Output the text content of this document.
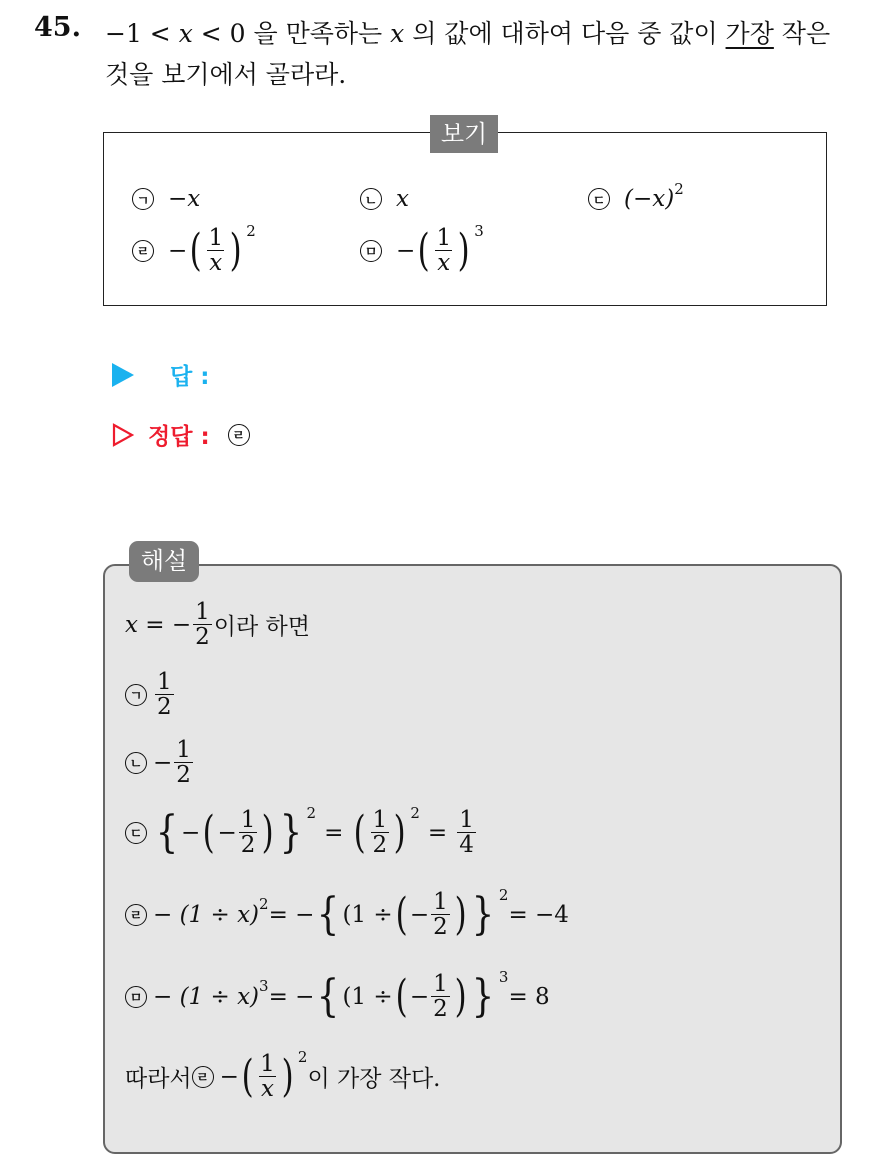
45. −1 < x < 0 을 만족하는 x 의 값에 대하여 다음 중 값이 가장 작은
것을 보기에서 골라라.
보기
ㄱ −x	ㄴ x	ㄷ (−x) 2
ㄹ − ( $\frac{1}{x}$ ) 2
ㅁ − ( $\frac{1}{x}$ ) 3
답 :
정답 :	ㄹ
해설
x = − $\frac{1}{2}$ 이라 하면
ㄱ $\frac{1}{2}$
ㄴ − $\frac{1}{2}$
ㄷ { − ( − $\frac{1}{2}$ ) } 2
= ( $\frac{1}{2}$ ) 2
= $\frac{1}{4}$
ㄹ − (1 ÷ x) 2 = − { (1 ÷ ( − $\frac{1}{2}$ ) } 2
= −4
ㅁ − (1 ÷ x) 3 = − { (1 ÷ ( − $\frac{1}{2}$ ) } 3
= 8
따라서 ㄹ − ( $\frac{1}{x}$ ) 2
이 가장 작다.
